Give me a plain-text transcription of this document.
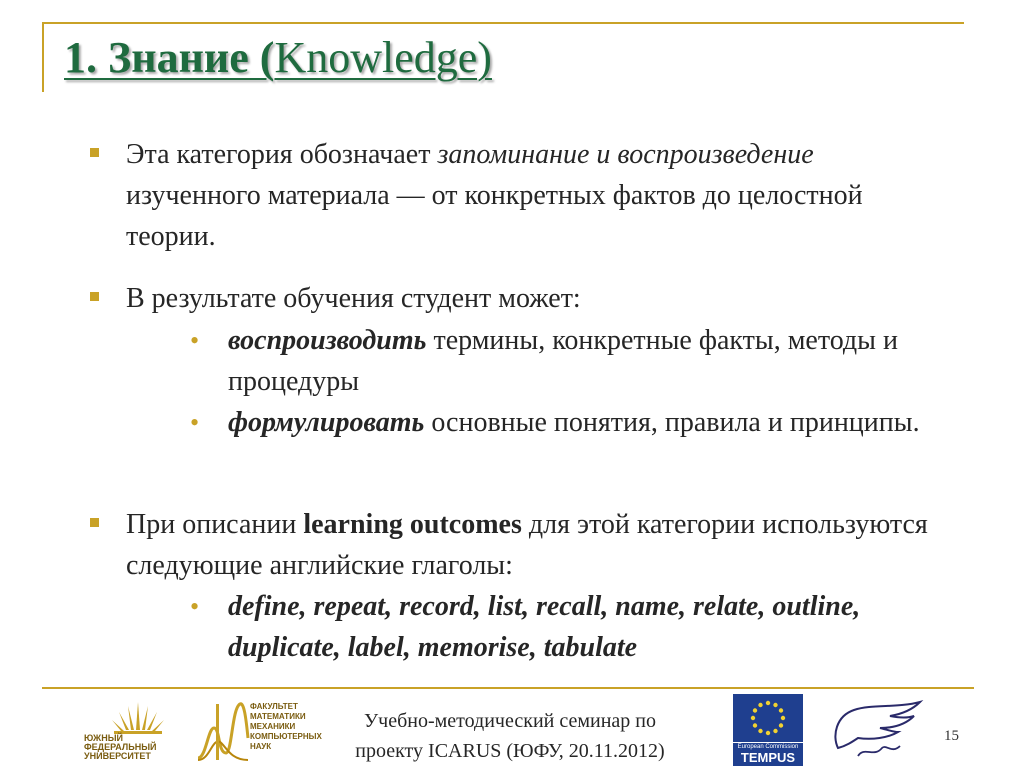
1. Знание (Knowledge)
Эта категория обозначает запоминание и воспроизведение изученного материала — от конкретных фактов до целостной теории.
В результате обучения студент может:
• воспроизводить термины, конкретные факты, методы и процедуры
• формулировать основные понятия, правила и принципы.
При описании learning outcomes для этой категории используются следующие английские глаголы:
• define, repeat, record, list, recall, name, relate, outline, duplicate, label, memorise, tabulate
ЮЖНЫЙ
ФЕДЕРАЛЬНЫЙ
УНИВЕРСИТЕТ
ФАКУЛЬТЕТ
МАТЕМАТИКИ
МЕХАНИКИ
КОМПЬЮТЕРНЫХ
НАУК
Учебно-методический семинар по
проекту ICARUS (ЮФУ, 20.11.2012)	European Commission
TEMPUS
15
